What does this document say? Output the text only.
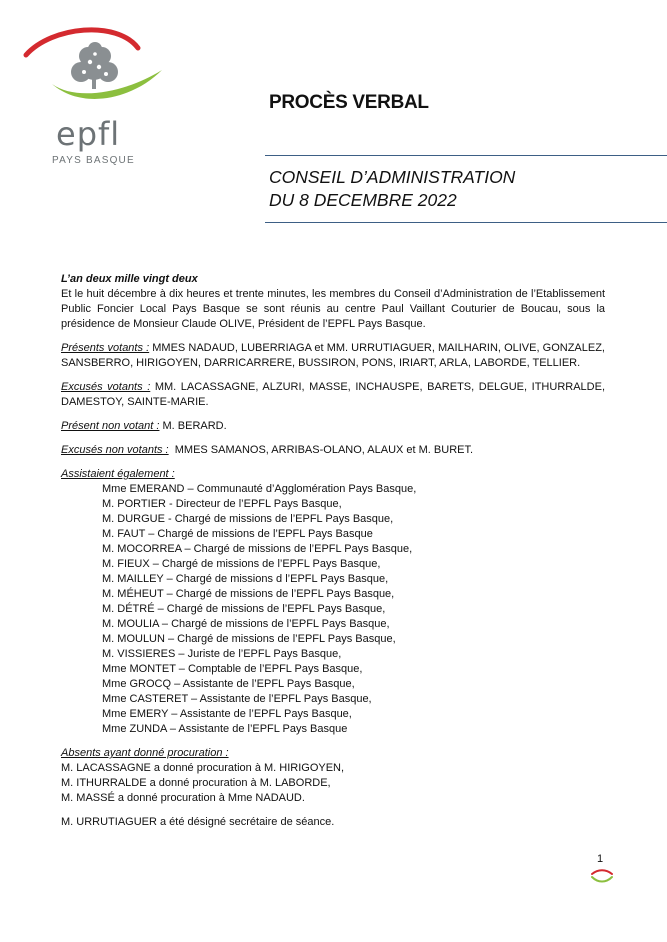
epfl
PAYS BASQUE
PROCÈS VERBAL
CONSEIL D’ADMINISTRATION
DU 8 DECEMBRE 2022

L’an deux mille vingt deux

Et le huit décembre à dix heures et trente minutes, les membres du Conseil d’Administration de l’Etablissement Public Foncier Local Pays Basque se sont réunis au centre Paul Vaillant Couturier de Boucau, sous la présidence de Monsieur Claude OLIVE, Président de l’EPFL Pays Basque.

Présents votants : MMES NADAUD, LUBERRIAGA et MM. URRUTIAGUER, MAILHARIN, OLIVE, GONZALEZ, SANSBERRO, HIRIGOYEN, DARRICARRERE, BUSSIRON, PONS, IRIART, ARLA, LABORDE, TELLIER.

Excusés votants : MM. LACASSAGNE, ALZURI, MASSE, INCHAUSPE, BARETS, DELGUE, ITHURRALDE, DAMESTOY, SAINTE-MARIE.

Présent non votant : M. BERARD.

Excusés non votants :  MMES SAMANOS, ARRIBAS-OLANO, ALAUX et M. BURET.

Assistaient également :

Mme EMERAND – Communauté d’Agglomération Pays Basque,
M. PORTIER - Directeur de l’EPFL Pays Basque,
M. DURGUE - Chargé de missions de l’EPFL Pays Basque,
M. FAUT – Chargé de missions de l’EPFL Pays Basque
M. MOCORREA – Chargé de missions de l’EPFL Pays Basque,
M. FIEUX – Chargé de missions de l’EPFL Pays Basque,
M. MAILLEY – Chargé de missions d l’EPFL Pays Basque,
M. MÉHEUT – Chargé de missions de l’EPFL Pays Basque,
M. DÉTRÉ – Chargé de missions de l’EPFL Pays Basque,
M. MOULIA – Chargé de missions de l’EPFL Pays Basque,
M. MOULUN – Chargé de missions de l’EPFL Pays Basque,
M. VISSIERES – Juriste de l’EPFL Pays Basque,
Mme MONTET – Comptable de l’EPFL Pays Basque,
Mme GROCQ – Assistante de l’EPFL Pays Basque,
Mme CASTERET – Assistante de l’EPFL Pays Basque,
Mme EMERY – Assistante de l’EPFL Pays Basque,
Mme ZUNDA – Assistante de l’EPFL Pays Basque

Absents ayant donné procuration :

M. LACASSAGNE a donné procuration à M. HIRIGOYEN,
M. ITHURRALDE a donné procuration à M. LABORDE,
M. MASSÉ a donné procuration à Mme NADAUD.

M. URRUTIAGUER a été désigné secrétaire de séance.

1
